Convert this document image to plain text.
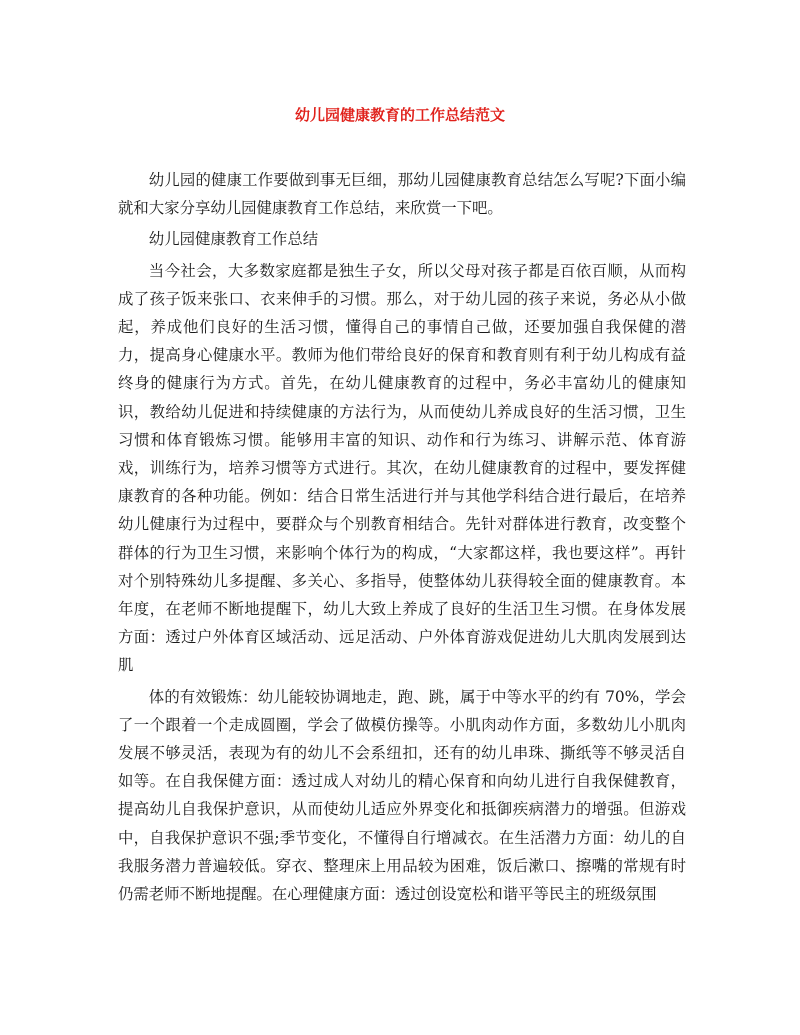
幼儿园健康教育的工作总结范文

幼儿园的健康工作要做到事无巨细，那幼儿园健康教育总结怎么写呢?下面小编就和大家分享幼儿园健康教育工作总结，来欣赏一下吧。

幼儿园健康教育工作总结

当今社会，大多数家庭都是独生子女，所以父母对孩子都是百依百顺，从而构成了孩子饭来张口、衣来伸手的习惯。那么，对于幼儿园的孩子来说，务必从小做起，养成他们良好的生活习惯，懂得自己的事情自己做，还要加强自我保健的潜力，提高身心健康水平。教师为他们带给良好的保育和教育则有利于幼儿构成有益终身的健康行为方式。首先，在幼儿健康教育的过程中，务必丰富幼儿的健康知识，教给幼儿促进和持续健康的方法行为，从而使幼儿养成良好的生活习惯，卫生习惯和体育锻炼习惯。能够用丰富的知识、动作和行为练习、讲解示范、体育游戏，训练行为，培养习惯等方式进行。其次，在幼儿健康教育的过程中，要发挥健康教育的各种功能。例如：结合日常生活进行并与其他学科结合进行最后，在培养幼儿健康行为过程中，要群众与个别教育相结合。先针对群体进行教育，改变整个群体的行为卫生习惯，来影响个体行为的构成，“大家都这样，我也要这样”。再针对个别特殊幼儿多提醒、多关心、多指导，使整体幼儿获得较全面的健康教育。本年度，在老师不断地提醒下，幼儿大致上养成了良好的生活卫生习惯。在身体发展方面：透过户外体育区域活动、远足活动、户外体育游戏促进幼儿大肌肉发展到达肌

体的有效锻炼：幼儿能较协调地走，跑、跳，属于中等水平的约有 70%，学会了一个跟着一个走成圆圈，学会了做模仿操等。小肌肉动作方面，多数幼儿小肌肉发展不够灵活，表现为有的幼儿不会系纽扣，还有的幼儿串珠、撕纸等不够灵活自如等。在自我保健方面：透过成人对幼儿的精心保育和向幼儿进行自我保健教育，提高幼儿自我保护意识，从而使幼儿适应外界变化和抵御疾病潜力的增强。但游戏中，自我保护意识不强;季节变化，不懂得自行增减衣。在生活潜力方面：幼儿的自我服务潜力普遍较低。穿衣、整理床上用品较为困难，饭后漱口、擦嘴的常规有时仍需老师不断地提醒。在心理健康方面：透过创设宽松和谐平等民主的班级氛围
